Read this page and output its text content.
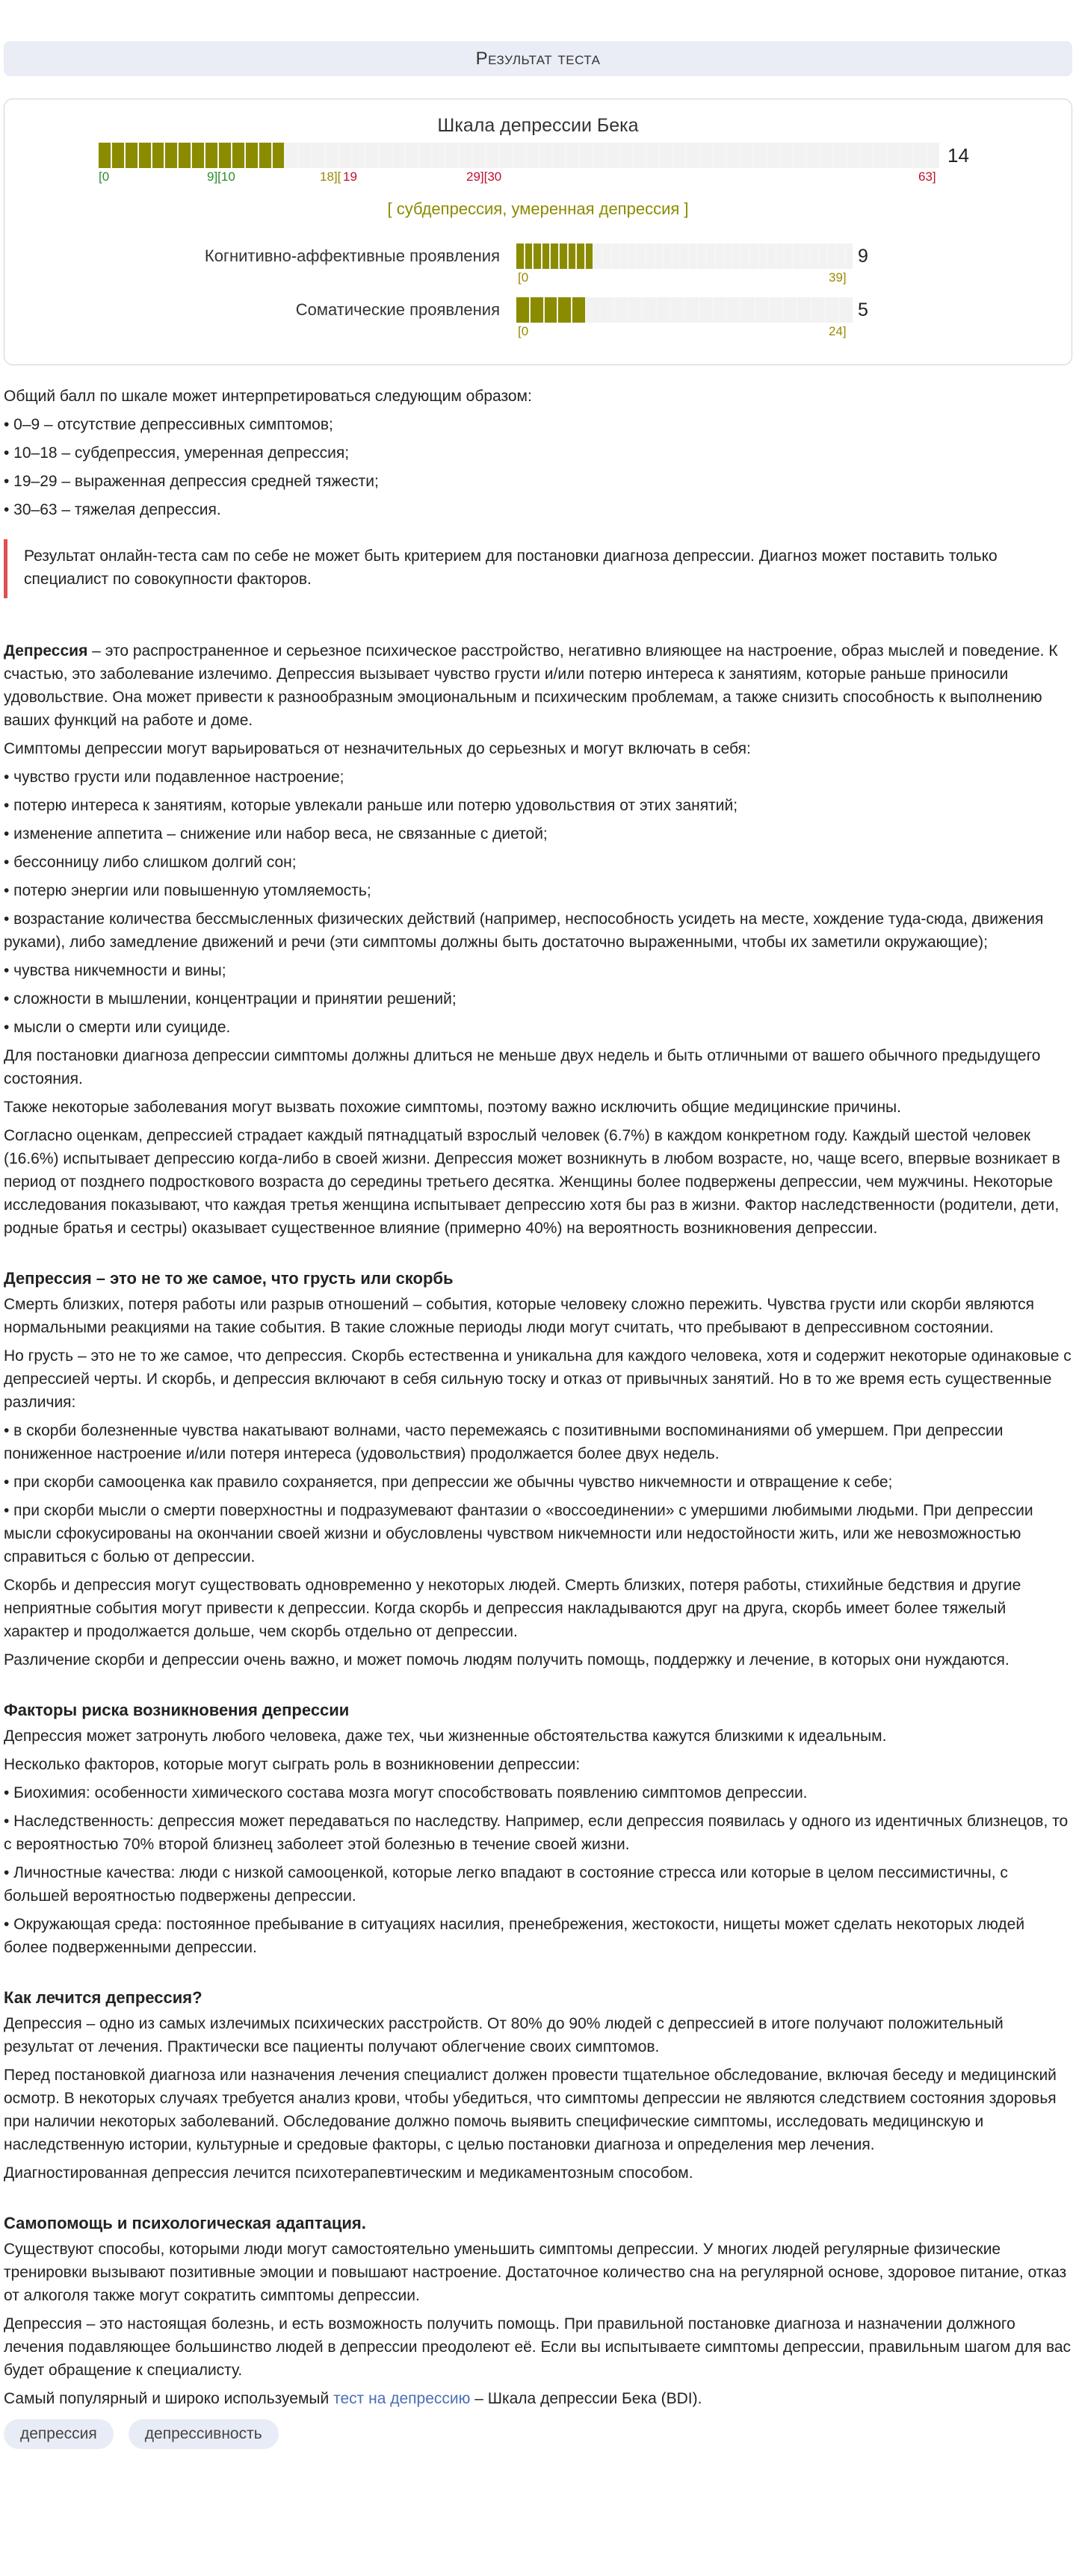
Результат теста
Шкала депрессии Бека
14
[0	9][10	18][ 19	29][30	63]
[ субдепрессия, умеренная депрессия ]
Когнитивно-аффективные проявления	9
[0	39]
Соматические проявления	5
[0	24]

Общий балл по шкале может интерпретироваться следующим образом:

• 0–9 – отсутствие депрессивных симптомов;

• 10–18 – субдепрессия, умеренная депрессия;

• 19–29 – выраженная депрессия средней тяжести;

• 30–63 – тяжелая депрессия.

Результат онлайн-теста сам по себе не может быть критерием для постановки диагноза депрессии. Диагноз может поставить только специалист по совокупности факторов.

Депрессия – это распространенное и серьезное психическое расстройство, негативно влияющее на настроение, образ мыслей и поведение. К счастью, это заболевание излечимо. Депрессия вызывает чувство грусти и/или потерю интереса к занятиям, которые раньше приносили удовольствие. Она может привести к разнообразным эмоциональным и психическим проблемам, а также снизить способность к выполнению ваших функций на работе и доме.

Симптомы депрессии могут варьироваться от незначительных до серьезных и могут включать в себя:

• чувство грусти или подавленное настроение;

• потерю интереса к занятиям, которые увлекали раньше или потерю удовольствия от этих занятий;

• изменение аппетита – снижение или набор веса, не связанные с диетой;

• бессонницу либо слишком долгий сон;

• потерю энергии или повышенную утомляемость;

• возрастание количества бессмысленных физических действий (например, неспособность усидеть на месте, хождение туда-сюда, движения руками), либо замедление движений и речи (эти симптомы должны быть достаточно выраженными, чтобы их заметили окружающие);

• чувства никчемности и вины;

• сложности в мышлении, концентрации и принятии решений;

• мысли о смерти или суициде.

Для постановки диагноза депрессии симптомы должны длиться не меньше двух недель и быть отличными от вашего обычного предыдущего состояния.

Также некоторые заболевания могут вызвать похожие симптомы, поэтому важно исключить общие медицинские причины.

Согласно оценкам, депрессией страдает каждый пятнадцатый взрослый человек (6.7%) в каждом конкретном году. Каждый шестой человек (16.6%) испытывает депрессию когда-либо в своей жизни. Депрессия может возникнуть в любом возрасте, но, чаще всего, впервые возникает в период от позднего подросткового возраста до середины третьего десятка. Женщины более подвержены депрессии, чем мужчины. Некоторые исследования показывают, что каждая третья женщина испытывает депрессию хотя бы раз в жизни. Фактор наследственности (родители, дети, родные братья и сестры) оказывает существенное влияние (примерно 40%) на вероятность возникновения депрессии.

Депрессия – это не то же самое, что грусть или скорбь

Смерть близких, потеря работы или разрыв отношений – события, которые человеку сложно пережить. Чувства грусти или скорби являются нормальными реакциями на такие события. В такие сложные периоды люди могут считать, что пребывают в депрессивном состоянии.

Но грусть – это не то же самое, что депрессия. Скорбь естественна и уникальна для каждого человека, хотя и содержит некоторые одинаковые с депрессией черты. И скорбь, и депрессия включают в себя сильную тоску и отказ от привычных занятий. Но в то же время есть существенные различия:

• в скорби болезненные чувства накатывают волнами, часто перемежаясь с позитивными воспоминаниями об умершем. При депрессии пониженное настроение и/или потеря интереса (удовольствия) продолжается более двух недель.

• при скорби самооценка как правило сохраняется, при депрессии же обычны чувство никчемности и отвращение к себе;

• при скорби мысли о смерти поверхностны и подразумевают фантазии о «воссоединении» с умершими любимыми людьми. При депрессии мысли сфокусированы на окончании своей жизни и обусловлены чувством никчемности или недостойности жить, или же невозможностью справиться с болью от депрессии.

Скорбь и депрессия могут существовать одновременно у некоторых людей. Смерть близких, потеря работы, стихийные бедствия и другие неприятные события могут привести к депрессии. Когда скорбь и депрессия накладываются друг на друга, скорбь имеет более тяжелый характер и продолжается дольше, чем скорбь отдельно от депрессии.

Различение скорби и депрессии очень важно, и может помочь людям получить помощь, поддержку и лечение, в которых они нуждаются.

Факторы риска возникновения депрессии

Депрессия может затронуть любого человека, даже тех, чьи жизненные обстоятельства кажутся близкими к идеальным.

Несколько факторов, которые могут сыграть роль в возникновении депрессии:

• Биохимия: особенности химического состава мозга могут способствовать появлению симптомов депрессии.

• Наследственность: депрессия может передаваться по наследству. Например, если депрессия появилась у одного из идентичных близнецов, то с вероятностью 70% второй близнец заболеет этой болезнью в течение своей жизни.

• Личностные качества: люди с низкой самооценкой, которые легко впадают в состояние стресса или которые в целом пессимистичны, с большей вероятностью подвержены депрессии.

• Окружающая среда: постоянное пребывание в ситуациях насилия, пренебрежения, жестокости, нищеты может сделать некоторых людей более подверженными депрессии.

Как лечится депрессия?

Депрессия – одно из самых излечимых психических расстройств. От 80% до 90% людей с депрессией в итоге получают положительный результат от лечения. Практически все пациенты получают облегчение своих симптомов.

Перед постановкой диагноза или назначения лечения специалист должен провести тщательное обследование, включая беседу и медицинский осмотр. В некоторых случаях требуется анализ крови, чтобы убедиться, что симптомы депрессии не являются следствием состояния здоровья при наличии некоторых заболеваний. Обследование должно помочь выявить специфические симптомы, исследовать медицинскую и наследственную истории, культурные и средовые факторы, с целью постановки диагноза и определения мер лечения.

Диагностированная депрессия лечится психотерапевтическим и медикаментозным способом.

Самопомощь и психологическая адаптация.

Существуют способы, которыми люди могут самостоятельно уменьшить симптомы депрессии. У многих людей регулярные физические тренировки вызывают позитивные эмоции и повышают настроение. Достаточное количество сна на регулярной основе, здоровое питание, отказ от алкоголя также могут сократить симптомы депрессии.

Депрессия – это настоящая болезнь, и есть возможность получить помощь. При правильной постановке диагноза и назначении должного лечения подавляющее большинство людей в депрессии преодолеют её. Если вы испытываете симптомы депрессии, правильным шагом для вас будет обращение к специалисту.

Самый популярный и широко используемый тест на депрессию – Шкала депрессии Бека (BDI).

депрессия	депрессивность
